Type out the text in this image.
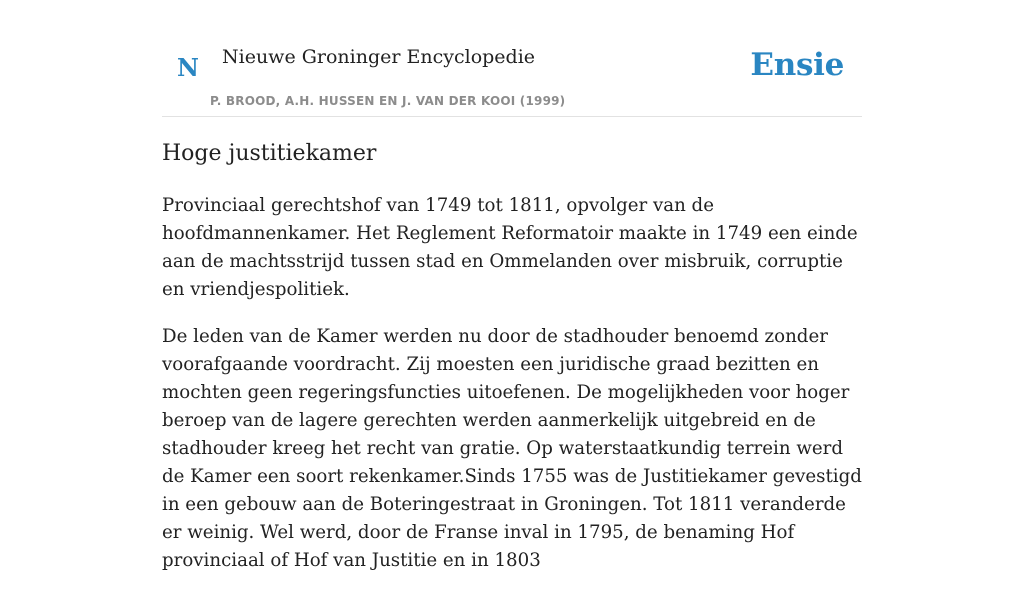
N Nieuwe Groninger Encyclopedie
P. BROOD, A.H. HUSSEN EN J. VAN DER KOOI (1999)
Ensie
Hoge justitiekamer

Provinciaal gerechtshof van 1749 tot 1811, opvolger van de hoofdmannenkamer. Het Reglement Reformatoir maakte in 1749 een einde aan de machtsstrijd tussen stad en Ommelanden over misbruik, corruptie en vriendjespolitiek.

De leden van de Kamer werden nu door de stadhouder benoemd zonder voorafgaande voordracht. Zij moesten een juridische graad bezitten en mochten geen regeringsfuncties uitoefenen. De mogelijkheden voor hoger beroep van de lagere gerechten werden aanmerkelijk uitgebreid en de stadhouder kreeg het recht van gratie. Op waterstaatkundig terrein werd de Kamer een soort rekenkamer.Sinds 1755 was de Justitiekamer gevestigd in een gebouw aan de Boteringestraat in Groningen. Tot 1811 veranderde er weinig. Wel werd, door de Franse inval in 1795, de benaming Hof provinciaal of Hof van Justitie en in 1803
